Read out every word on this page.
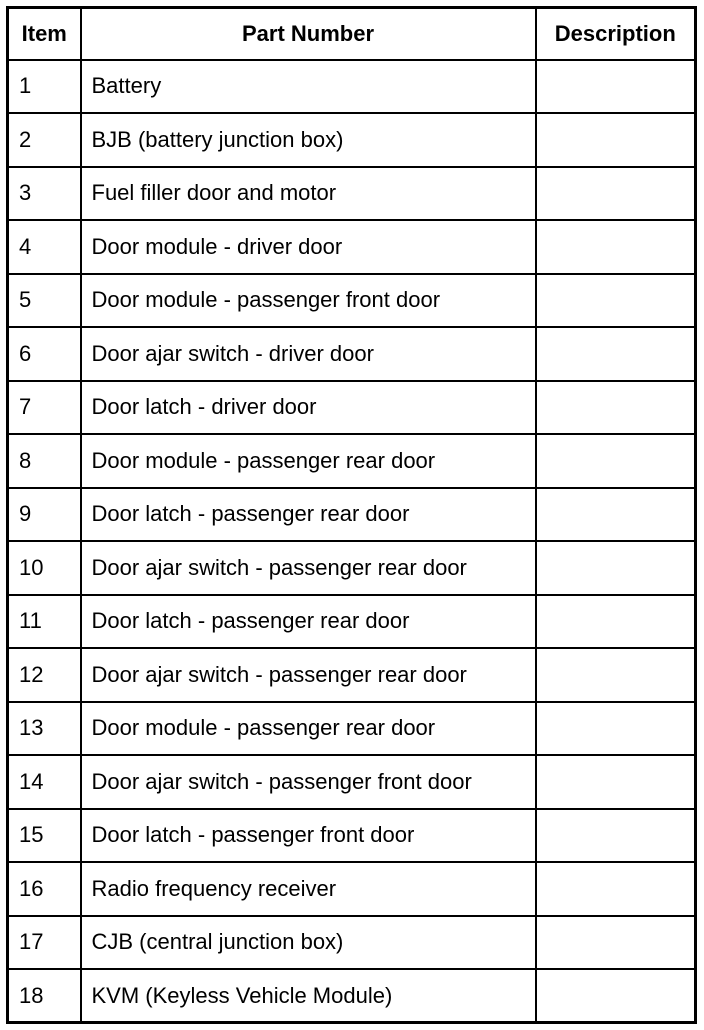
Item	Part Number	Description
1	Battery	
2	BJB (battery junction box)	
3	Fuel filler door and motor	
4	Door module - driver door	
5	Door module - passenger front door	
6	Door ajar switch - driver door	
7	Door latch - driver door	
8	Door module - passenger rear door	
9	Door latch - passenger rear door	
10	Door ajar switch - passenger rear door	
11	Door latch - passenger rear door	
12	Door ajar switch - passenger rear door	
13	Door module - passenger rear door	
14	Door ajar switch - passenger front door	
15	Door latch - passenger front door	
16	Radio frequency receiver	
17	CJB (central junction box)	
18	KVM (Keyless Vehicle Module)	
